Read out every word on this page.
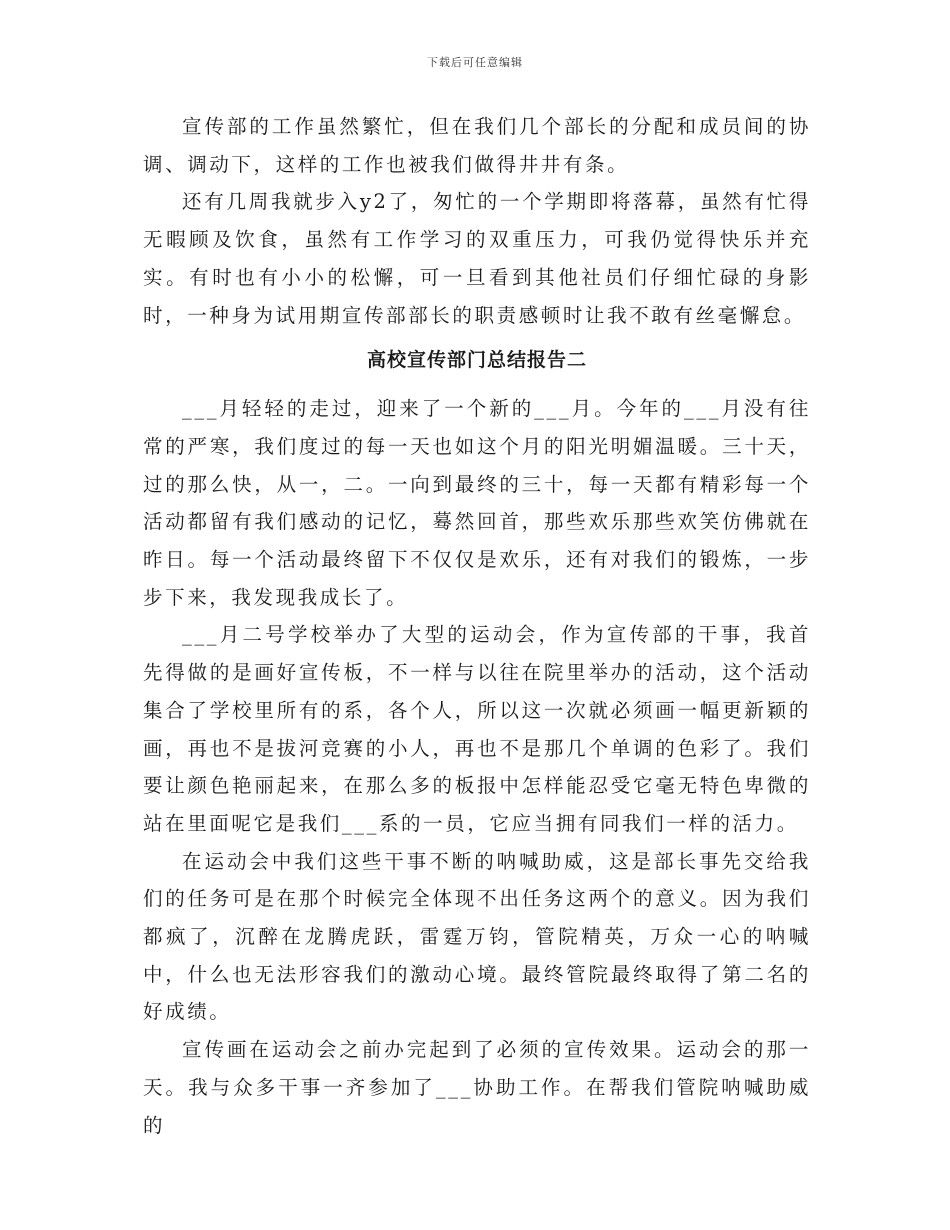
下载后可任意编辑

宣传部的工作虽然繁忙，但在我们几个部长的分配和成员间的协调、调动下，这样的工作也被我们做得井井有条。

还有几周我就步入y2了，匆忙的一个学期即将落幕，虽然有忙得无暇顾及饮食，虽然有工作学习的双重压力，可我仍觉得快乐并充实。有时也有小小的松懈，可一旦看到其他社员们仔细忙碌的身影时，一种身为试用期宣传部部长的职责感顿时让我不敢有丝毫懈怠。

高校宣传部门总结报告二

___月轻轻的走过，迎来了一个新的___月。今年的___月没有往常的严寒，我们度过的每一天也如这个月的阳光明媚温暖。三十天，过的那么快，从一，二。一向到最终的三十，每一天都有精彩每一个活动都留有我们感动的记忆，蓦然回首，那些欢乐那些欢笑仿佛就在昨日。每一个活动最终留下不仅仅是欢乐，还有对我们的锻炼，一步步下来，我发现我成长了。

___月二号学校举办了大型的运动会，作为宣传部的干事，我首先得做的是画好宣传板，不一样与以往在院里举办的活动，这个活动集合了学校里所有的系，各个人，所以这一次就必须画一幅更新颖的画，再也不是拔河竞赛的小人，再也不是那几个单调的色彩了。我们要让颜色艳丽起来，在那么多的板报中怎样能忍受它毫无特色卑微的站在里面呢它是我们___系的一员，它应当拥有同我们一样的活力。

在运动会中我们这些干事不断的呐喊助威，这是部长事先交给我们的任务可是在那个时候完全体现不出任务这两个的意义。因为我们都疯了，沉醉在龙腾虎跃，雷霆万钧，管院精英，万众一心的呐喊中，什么也无法形容我们的激动心境。最终管院最终取得了第二名的好成绩。

宣传画在运动会之前办完起到了必须的宣传效果。运动会的那一天。我与众多干事一齐参加了___协助工作。在帮我们管院呐喊助威的
